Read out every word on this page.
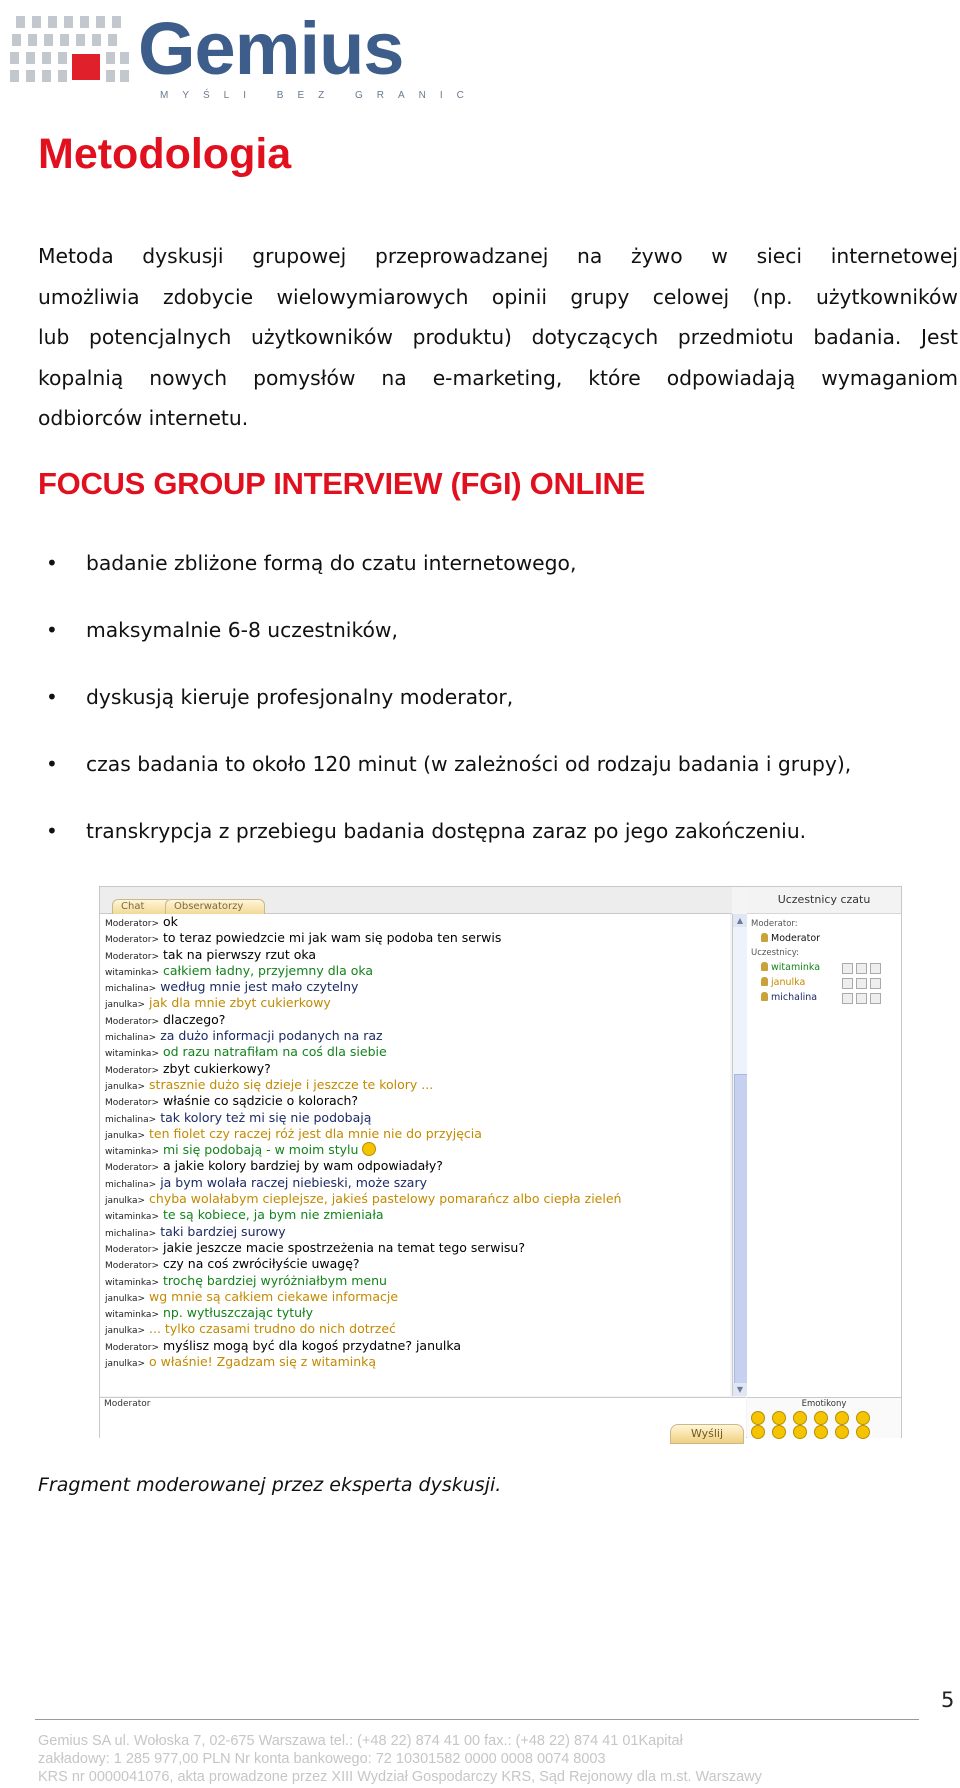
Gemius
MYŚLI BEZ GRANIC
Metodologia
Metoda dyskusji grupowej przeprowadzanej na żywo w sieci internetowej
umożliwia zdobycie wielowymiarowych opinii grupy celowej (np. użytkowników
lub potencjalnych użytkowników produktu) dotyczących przedmiotu badania. Jest
kopalnią nowych pomysłów na e-marketing, które odpowiadają wymaganiom
odbiorców internetu.
FOCUS GROUP INTERVIEW (FGI) ONLINE
• badanie zbliżone formą do czatu internetowego,
• maksymalnie 6-8 uczestników,
• dyskusją kieruje profesjonalny moderator,
• czas badania to około 120 minut (w zależności od rodzaju badania i grupy),
• transkrypcja z przebiegu badania dostępna zaraz po jego zakończeniu.
Chat	Obserwatorzy
Moderator> ok
Moderator> to teraz powiedzcie mi jak wam się podoba ten serwis
Moderator> tak na pierwszy rzut oka
witaminka> całkiem ładny, przyjemny dla oka
michalina> według mnie jest mało czytelny
janulka> jak dla mnie zbyt cukierkowy
Moderator> dlaczego?
michalina> za dużo informacji podanych na raz
witaminka> od razu natrafiłam na coś dla siebie
Moderator> zbyt cukierkowy?
janulka> strasznie dużo się dzieje i jeszcze te kolory ...
Moderator> właśnie co sądzicie o kolorach?
michalina> tak kolory też mi się nie podobają
janulka> ten fiolet czy raczej róż jest dla mnie nie do przyjęcia
witaminka> mi się podobają - w moim stylu
Moderator> a jakie kolory bardziej by wam odpowiadały?
michalina> ja bym wolała raczej niebieski, może szary
janulka> chyba wolałabym cieplejsze, jakieś pastelowy pomarańcz albo ciepła zieleń
witaminka> te są kobiece, ja bym nie zmieniała
michalina> taki bardziej surowy
Moderator> jakie jeszcze macie spostrzeżenia na temat tego serwisu?
Moderator> czy na coś zwróciłyście uwagę?
witaminka> trochę bardziej wyróżniałbym menu
janulka> wg mnie są całkiem ciekawe informacje
witaminka> np. wytłuszczając tytuły
janulka> ... tylko czasami trudno do nich dotrzeć
Moderator> myślisz mogą być dla kogoś przydatne? janulka
janulka> o właśnie! Zgadzam się z witaminką
▲
▼
Uczestnicy czatu
Moderator:
Moderator
Uczestnicy:
witaminka
janulka
michalina
Moderator
Wyślij
Emotikony
Fragment moderowanej przez eksperta dyskusji.
5
Gemius SA ul. Wołoska 7, 02-675 Warszawa tel.: (+48 22) 874 41 00 fax.: (+48 22) 874 41 01Kapitał
zakładowy: 1 285 977,00 PLN Nr konta bankowego: 72 10301582 0000 0008 0074 8003
KRS nr 0000041076, akta prowadzone przez XIII Wydział Gospodarczy KRS, Sąd Rejonowy dla m.st. Warszawy
